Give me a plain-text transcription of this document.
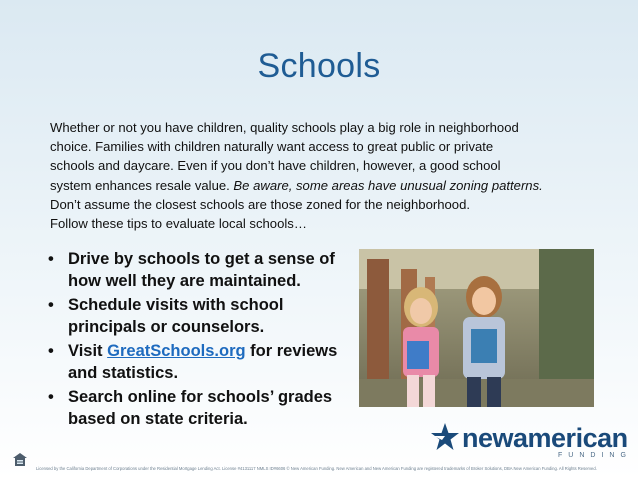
Schools

Whether or not you have children, quality schools play a big role in neighborhood

choice. Families with children naturally want access to great public or private

schools and daycare. Even if you don’t have children, however, a good school

system enhances resale value. Be aware, some areas have unusual zoning patterns.

Don’t assume the closest schools are those zoned for the neighborhood.

Follow these tips to evaluate local schools…

• Drive by schools to get a sense of how well they are maintained.
• Schedule visits with school principals or counselors.
• Visit GreatSchools.org for reviews and statistics.
• Search online for schools’ grades based on state criteria.
newamerican
FUNDING
Licensed by the California Department of Corporations under the Residential Mortgage Lending Act. License #4131117 NMLS ID#6606 © New American Funding. New American and New American Funding are registered trademarks of Broker Solutions, DBA New American Funding. All Rights Reserved.
